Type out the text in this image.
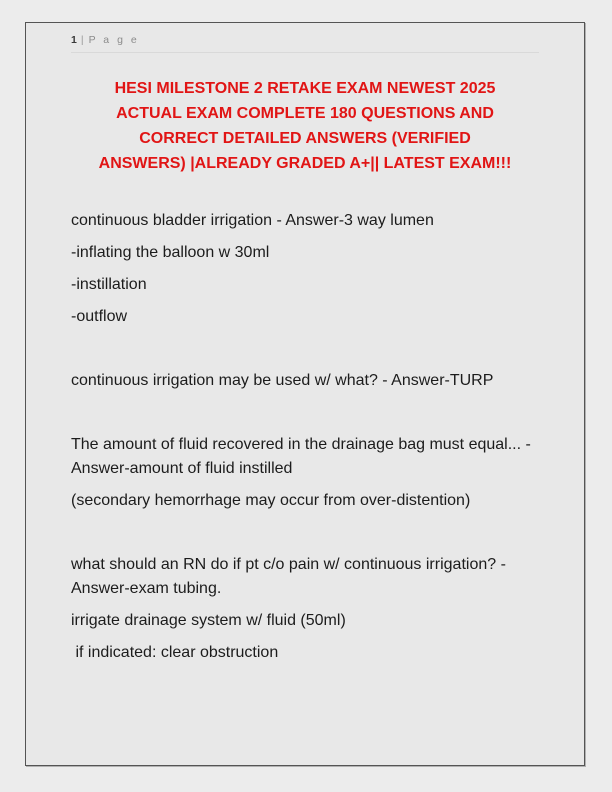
1 | P a g e
HESI MILESTONE 2 RETAKE EXAM NEWEST 2025
ACTUAL EXAM COMPLETE 180 QUESTIONS AND
CORRECT DETAILED ANSWERS (VERIFIED
ANSWERS) |ALREADY GRADED A+|| LATEST EXAM!!!

continuous bladder irrigation - Answer-3 way lumen

-inflating the balloon w 30ml

-instillation

-outflow

continuous irrigation may be used w/ what? - Answer-TURP

The amount of fluid recovered in the drainage bag must equal... - Answer-amount of fluid instilled

(secondary hemorrhage may occur from over-distention)

what should an RN do if pt c/o pain w/ continuous irrigation? - Answer-exam tubing.

irrigate drainage system w/ fluid (50ml)

if indicated: clear obstruction
